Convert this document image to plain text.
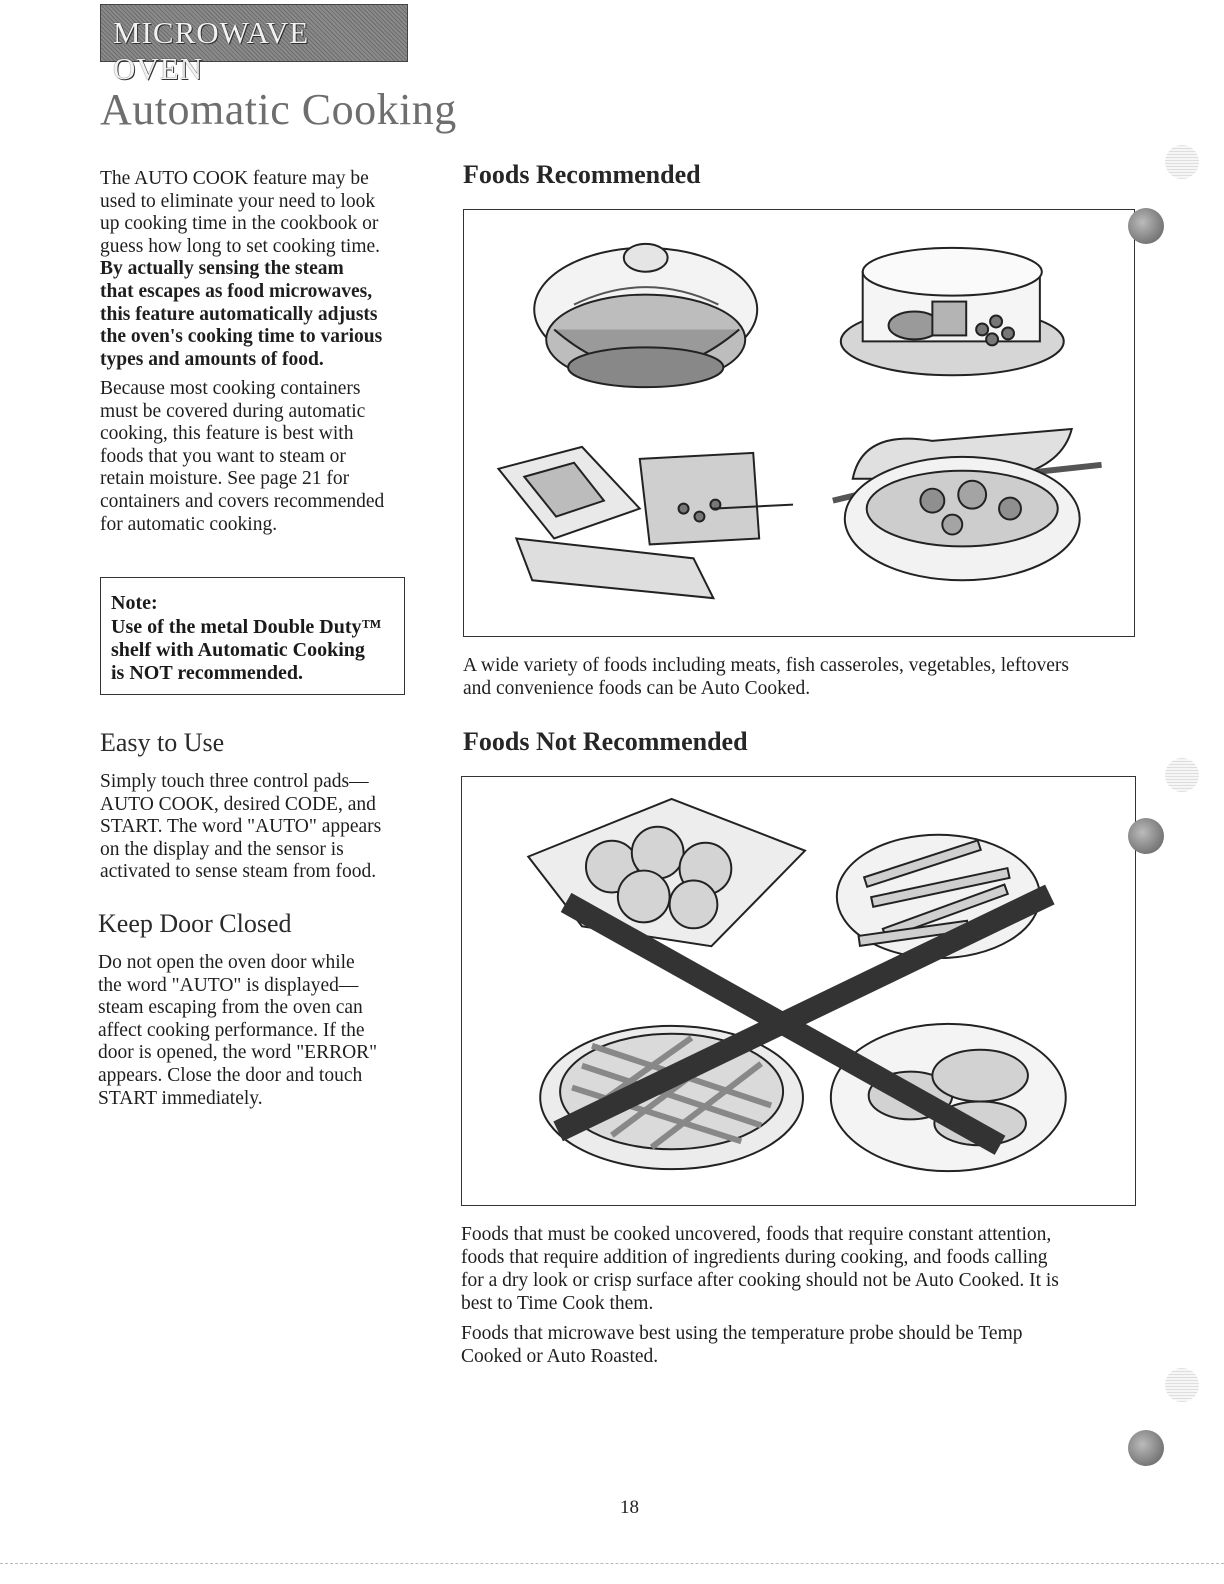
MICROWAVE OVEN
Automatic Cooking
The AUTO COOK feature may be
used to eliminate your need to look
up cooking time in the cookbook or
guess how long to set cooking time.
By actually sensing the steam
that escapes as food microwaves,
this feature automatically adjusts
the oven's cooking time to various
types and amounts of food.
Because most cooking containers
must be covered during automatic
cooking, this feature is best with
foods that you want to steam or
retain moisture. See page 21 for
containers and covers recommended
for automatic cooking.
Note:
Use of the metal Double Duty™
shelf with Automatic Cooking
is NOT recommended.
Easy to Use
Simply touch three control pads—
AUTO COOK, desired CODE, and
START. The word "AUTO" appears
on the display and the sensor is
activated to sense steam from food.
Keep Door Closed
Do not open the oven door while
the word "AUTO" is displayed—
steam escaping from the oven can
affect cooking performance. If the
door is opened, the word "ERROR"
appears. Close the door and touch
START immediately.
Foods Recommended
A wide variety of foods including meats, fish casseroles, vegetables, leftovers
and convenience foods can be Auto Cooked.
Foods Not Recommended
Foods that must be cooked uncovered, foods that require constant attention,
foods that require addition of ingredients during cooking, and foods calling
for a dry look or crisp surface after cooking should not be Auto Cooked. It is
best to Time Cook them.
Foods that microwave best using the temperature probe should be Temp
Cooked or Auto Roasted.
18
